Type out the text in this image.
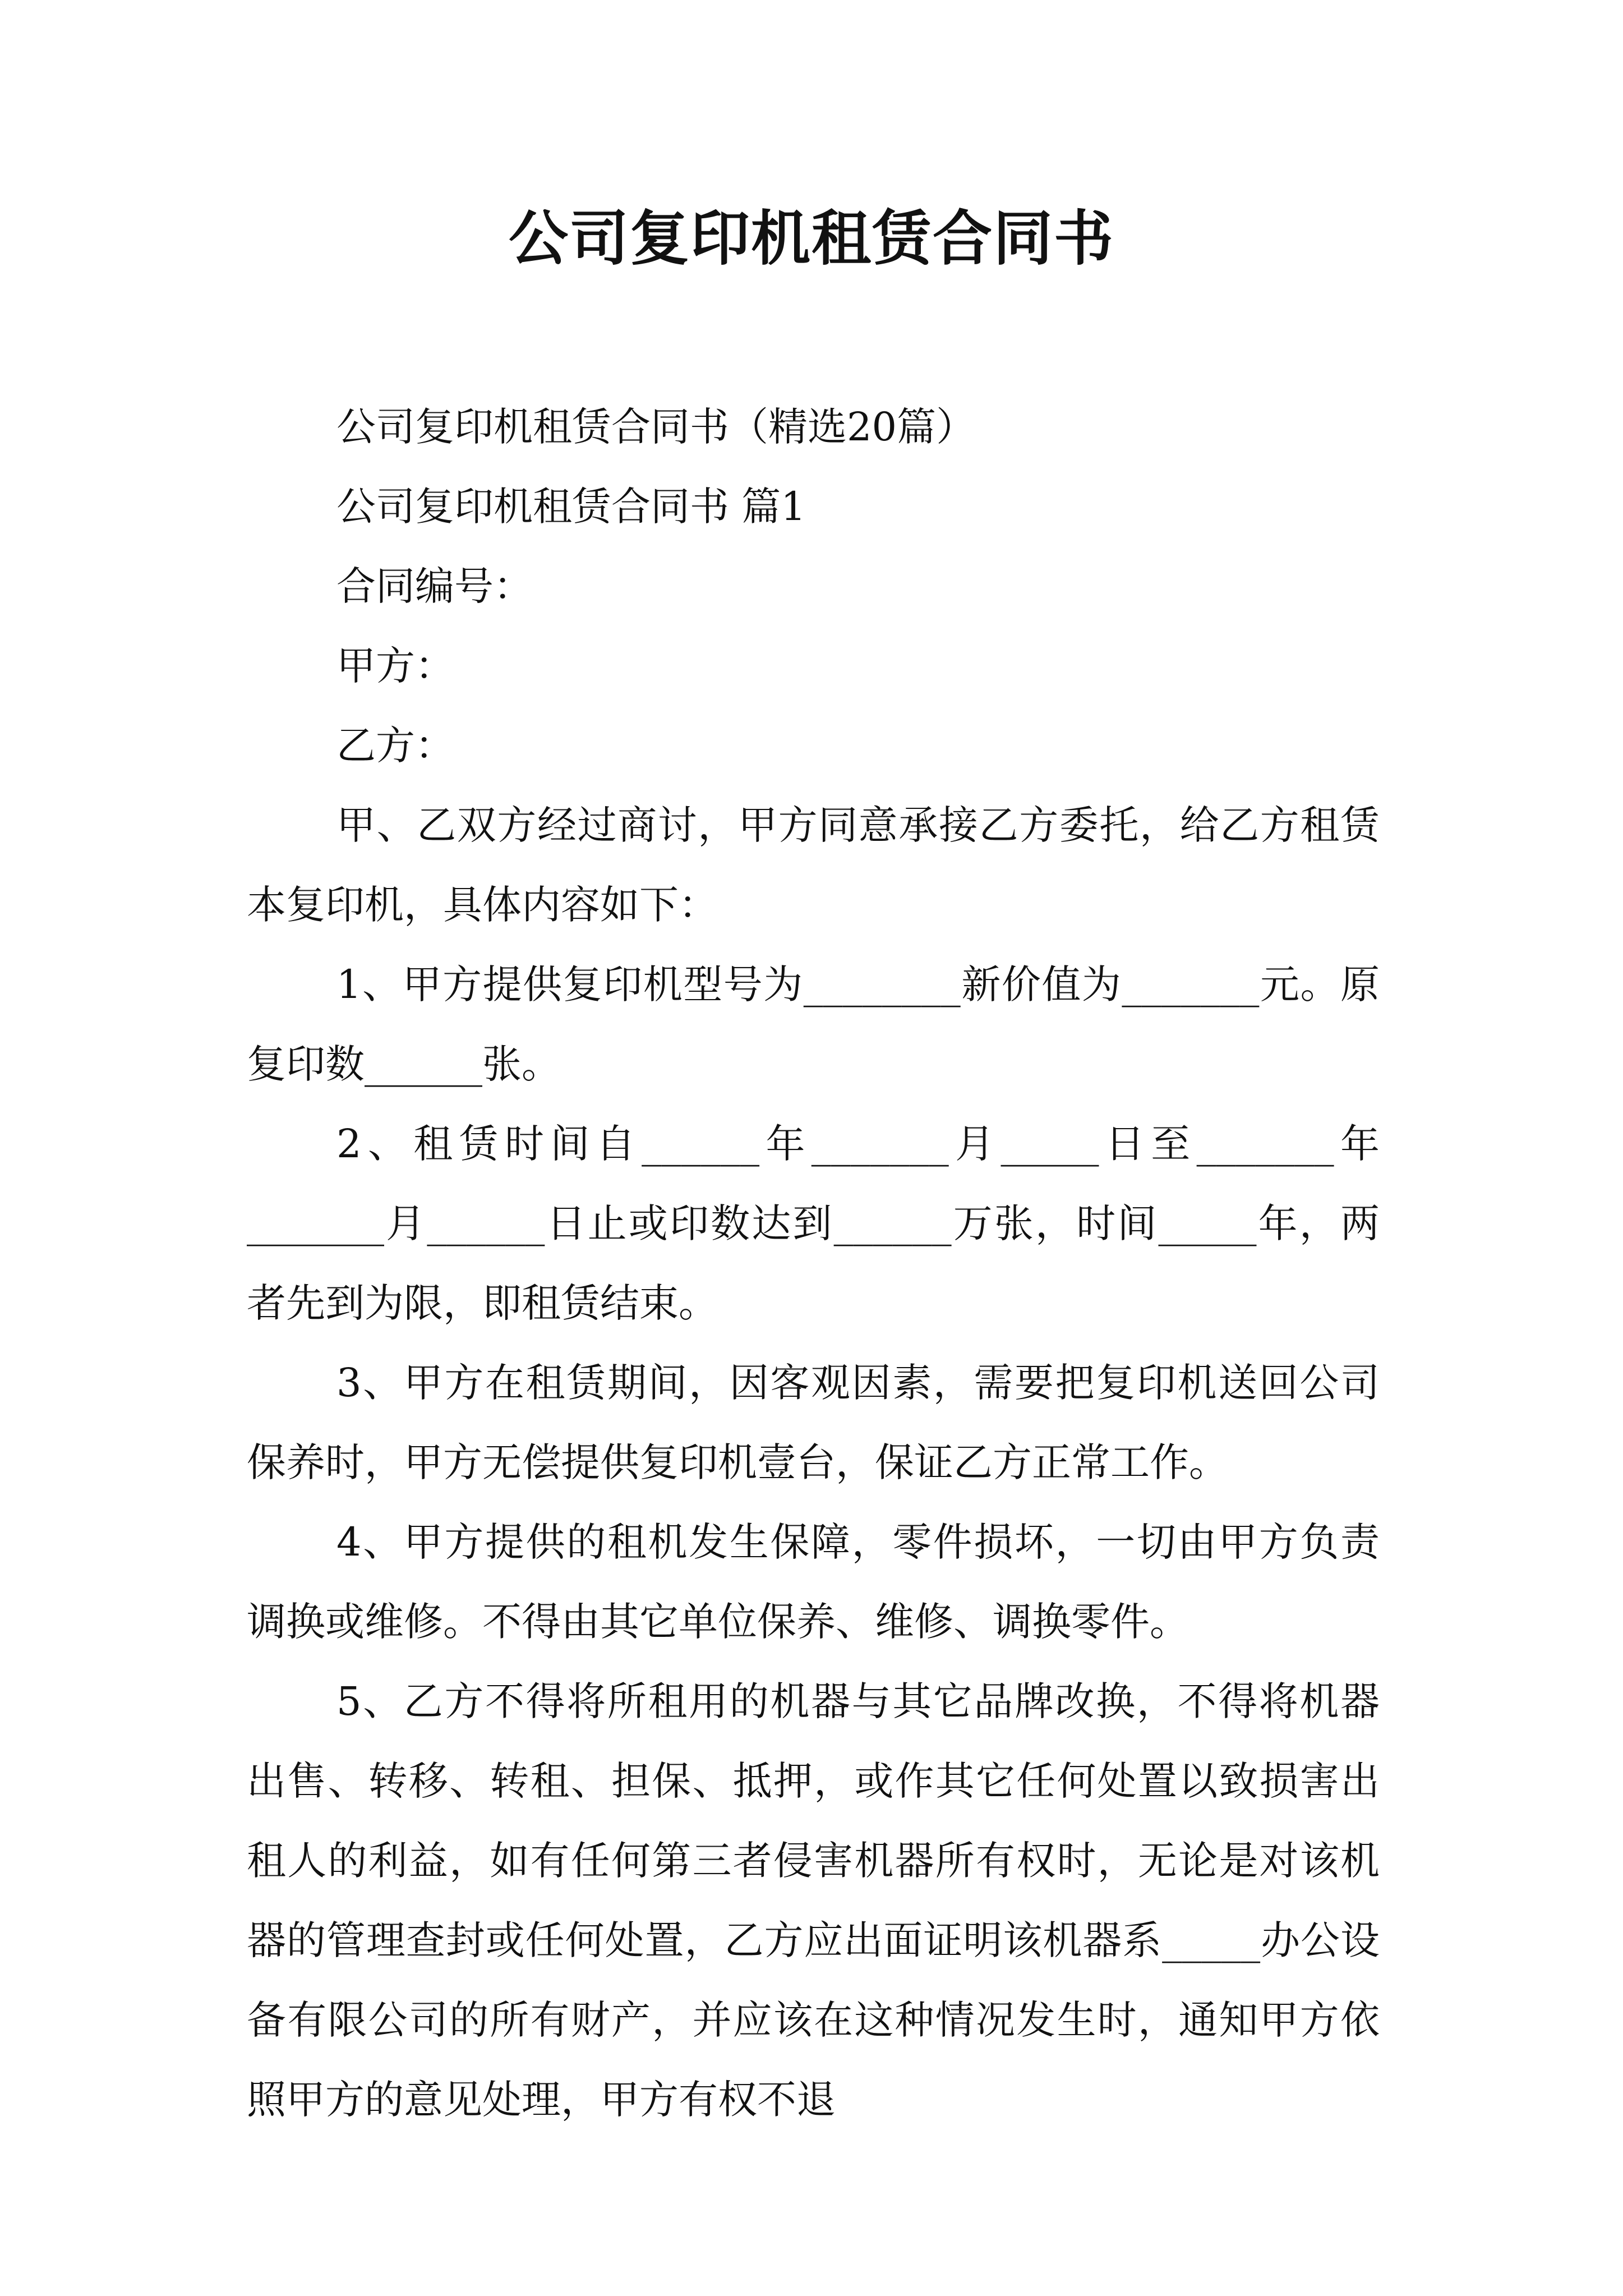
公司复印机租赁合同书

公司复印机租赁合同书（精选20篇）

公司复印机租赁合同书 篇1

合同编号：

甲方：

乙方：

甲、乙双方经过商讨，甲方同意承接乙方委托，给乙方租赁本复印机，具体内容如下：

1、甲方提供复印机型号为________新价值为_______元。原复印数______张。

2、租赁时间自______年_______月_____日至_______年_______月______日止或印数达到______万张，时间_____年，两者先到为限，即租赁结束。

3、甲方在租赁期间，因客观因素，需要把复印机送回公司保养时，甲方无偿提供复印机壹台，保证乙方正常工作。

4、甲方提供的租机发生保障，零件损坏，一切由甲方负责调换或维修。不得由其它单位保养、维修、调换零件。

5、乙方不得将所租用的机器与其它品牌改换，不得将机器出售、转移、转租、担保、抵押，或作其它任何处置以致损害出租人的利益，如有任何第三者侵害机器所有权时，无论是对该机器的管理查封或任何处置，乙方应出面证明该机器系_____办公设备有限公司的所有财产，并应该在这种情况发生时，通知甲方依照甲方的意见处理，甲方有权不退
